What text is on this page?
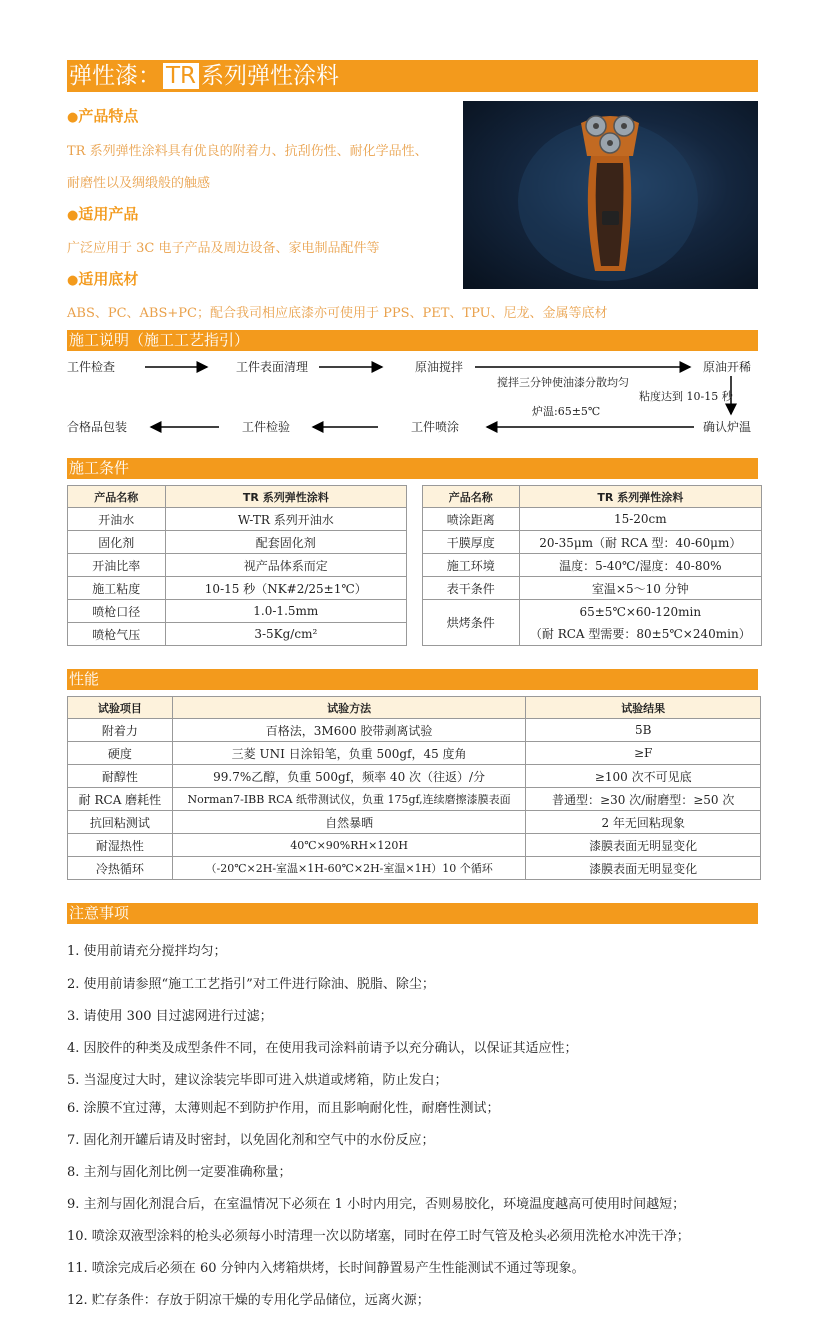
弹性漆： TR 系列弹性涂料
●产品特点
TR 系列弹性涂料具有优良的附着力、抗刮伤性、耐化学品性、
耐磨性以及绸缎般的触感
●适用产品
广泛应用于 3C 电子产品及周边设备、家电制品配件等
●适用底材
ABS、PC、ABS+PC；配合我司相应底漆亦可使用于 PPS、PET、TPU、尼龙、金属等底材
施工说明（施工工艺指引）
工件检查	工件表面清理	原油搅拌	原油开稀
确认炉温
工件喷涂
工件检验
合格品包装
搅拌三分钟使油漆分散均匀
粘度达到 10-15 秒
炉温:65±5℃
施工条件
产品名称	TR 系列弹性涂料
开油水	W-TR 系列开油水
固化剂	配套固化剂
开油比率	视产品体系而定
施工粘度	10-15 秒（NK#2/25±1℃）
喷枪口径	1.0-1.5mm
喷枪气压	3-5Kg/cm²
产品名称	TR 系列弹性涂料
喷涂距离	15-20cm
干膜厚度	20-35μm（耐 RCA 型：40-60μm）
施工环境	温度：5-40℃/湿度：40-80%
表干条件	室温×5～10 分钟
烘烤条件	65±5℃×60-120min
（耐 RCA 型需要：80±5℃×240min）
性能
试验项目	试验方法	试验结果
附着力	百格法，3M600 胶带剥离试验	5B
硬度	三菱 UNI 日涂铅笔，负重 500gf，45 度角	≥F
耐醇性	99.7%乙醇，负重 500gf，频率 40 次（往返）/分	≥100 次不可见底
耐 RCA 磨耗性	Norman7-IBB RCA 纸带测试仪，负重 175gf,连续磨擦漆膜表面	普通型：≥30 次/耐磨型：≥50 次
抗回粘测试	自然暴晒	2 年无回粘现象
耐湿热性	40℃×90%RH×120H	漆膜表面无明显变化
冷热循环	（-20℃×2H-室温×1H-60℃×2H-室温×1H）10 个循环	漆膜表面无明显变化
注意事项
1. 使用前请充分搅拌均匀；
2. 使用前请参照“施工工艺指引”对工件进行除油、脱脂、除尘；
3. 请使用 300 目过滤网进行过滤；
4. 因胶件的种类及成型条件不同，在使用我司涂料前请予以充分确认，以保证其适应性；
5. 当湿度过大时，建议涂装完毕即可进入烘道或烤箱，防止发白；
6. 涂膜不宜过薄，太薄则起不到防护作用，而且影响耐化性，耐磨性测试；
7. 固化剂开罐后请及时密封，以免固化剂和空气中的水份反应；
8. 主剂与固化剂比例一定要准确称量；
9. 主剂与固化剂混合后，在室温情况下必须在 1 小时内用完，否则易胶化，环境温度越高可使用时间越短；
10. 喷涂双液型涂料的枪头必须每小时清理一次以防堵塞，同时在停工时气管及枪头必须用洗枪水冲洗干净；
11. 喷涂完成后必须在 60 分钟内入烤箱烘烤，长时间静置易产生性能测试不通过等现象。
12. 贮存条件：存放于阴凉干燥的专用化学品储位，远离火源；
